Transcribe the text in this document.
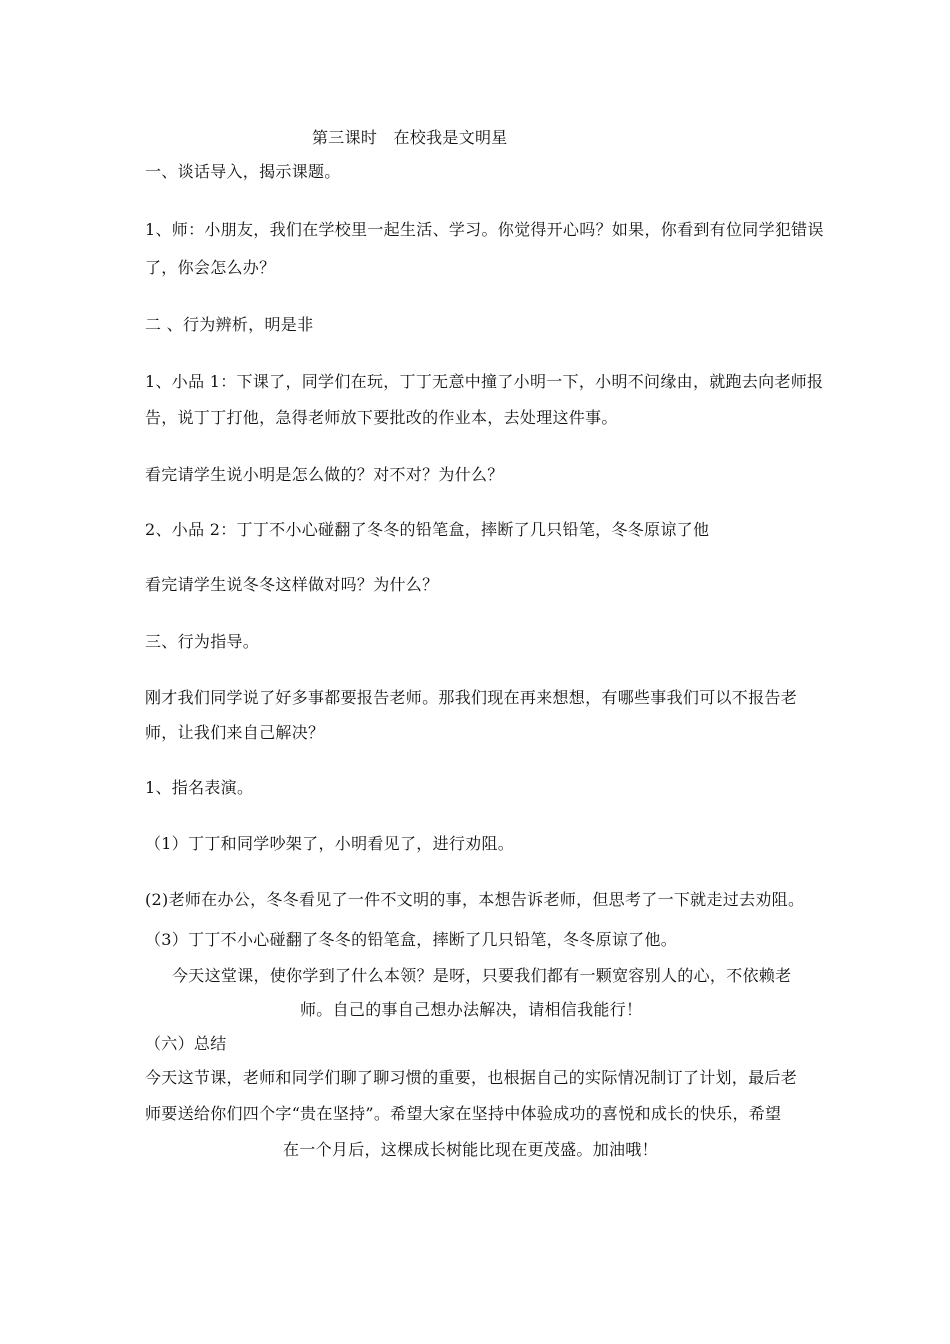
第三课时　在校我是文明星
一、谈话导入，揭示课题。
1、师：小朋友，我们在学校里一起生活、学习。你觉得开心吗？如果，你看到有位同学犯错误
了，你会怎么办？
二 、行为辨析，明是非
1、小品 1：下课了，同学们在玩，丁丁无意中撞了小明一下，小明不问缘由，就跑去向老师报
告，说丁丁打他，急得老师放下要批改的作业本，去处理这件事。
看完请学生说小明是怎么做的？对不对？为什么？
2、小品 2：丁丁不小心碰翻了冬冬的铅笔盒，摔断了几只铅笔，冬冬原谅了他
看完请学生说冬冬这样做对吗？为什么？
三、行为指导。
刚才我们同学说了好多事都要报告老师。那我们现在再来想想，有哪些事我们可以不报告老
师，让我们来自己解决？
1、指名表演。
（1）丁丁和同学吵架了，小明看见了，进行劝阻。
(2)老师在办公，冬冬看见了一件不文明的事，本想告诉老师，但思考了一下就走过去劝阻。
（3）丁丁不小心碰翻了冬冬的铅笔盒，摔断了几只铅笔，冬冬原谅了他。
今天这堂课，使你学到了什么本领？是呀，只要我们都有一颗宽容别人的心，不依赖老
师。自己的事自己想办法解决，请相信我能行！
（六）总结
今天这节课，老师和同学们聊了聊习惯的重要，也根据自己的实际情况制订了计划，最后老
师要送给你们四个字“贵在坚持”。希望大家在坚持中体验成功的喜悦和成长的快乐，希望
在一个月后，这棵成长树能比现在更茂盛。加油哦！
